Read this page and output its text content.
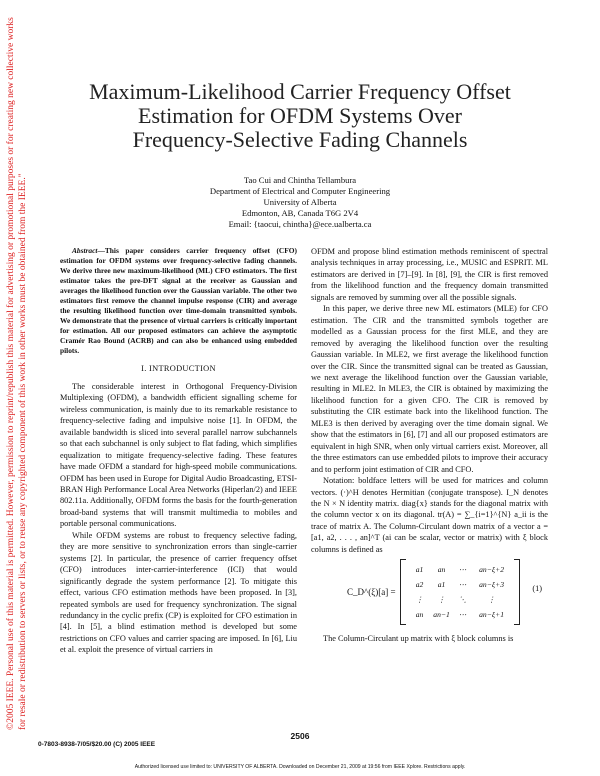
©2005 IEEE. Personal use of this material is permitted. However, permission to reprint/republish this material for advertising or promotional purposes or for creating new collective works for resale or redistribution to servers or lists, or to reuse any copyrighted component of this work in other works must be obtained from the IEEE."
Maximum-Likelihood Carrier Frequency Offset
Estimation for OFDM Systems Over
Frequency-Selective Fading Channels
Tao Cui and Chintha Tellambura
Department of Electrical and Computer Engineering
University of Alberta
Edmonton, AB, Canada T6G 2V4
Email: {taocui, chintha}@ece.ualberta.ca

Abstract—This paper considers carrier frequency offset (CFO) estimation for OFDM systems over frequency-selective fading channels. We derive three new maximum-likelihood (ML) CFO estimators. The first estimator takes the pre-DFT signal at the receiver as Gaussian and averages the likelihood function over the Gaussian variable. The other two estimators first remove the channel impulse response (CIR) and average the resulting likelihood function over time-domain transmitted symbols. We demonstrate that the presence of virtual carriers is critically important for estimation. All our proposed estimators can achieve the asymptotic Cramér Rao Bound (ACRB) and can also be enhanced using embedded pilots.

I. INTRODUCTION

The considerable interest in Orthogonal Frequency-Division Multiplexing (OFDM), a bandwidth efficient signalling scheme for wireless communication, is mainly due to its remarkable resistance to frequency-selective fading and impulsive noise [1]. In OFDM, the available bandwidth is sliced into several parallel narrow subchannels so that each subchannel is only subject to flat fading, which simplifies equalization to mitigate frequency-selective fading. These features have made OFDM a standard for high-speed mobile communications. OFDM has been used in Europe for Digital Audio Broadcasting, ETSI-BRAN High Performance Local Area Networks (Hiperlan/2) and IEEE 802.11a. Additionally, OFDM forms the basis for the fourth-generation broad-band systems that will transmit multimedia to mobiles and portable personal communications.

While OFDM systems are robust to frequency selective fading, they are more sensitive to synchronization errors than single-carrier systems [2]. In particular, the presence of carrier frequency offset (CFO) introduces inter-carrier-interference (ICI) that would significantly degrade the system performance [2]. To mitigate this effect, various CFO estimation methods have been proposed. In [3], repeated symbols are used for frequency synchronization. The signal redundancy in the cyclic prefix (CP) is exploited for CFO estimation in [4]. In [5], a blind estimation method is developed but some restrictions on CFO values and carrier spacing are imposed. In [6], Liu et al. exploit the presence of virtual carriers in

OFDM and propose blind estimation methods reminiscent of spectral analysis techniques in array processing, i.e., MUSIC and ESPRIT. ML estimators are derived in [7]–[9]. In [8], [9], the CIR is first removed from the likelihood function and the frequency domain transmitted signals are removed by summing over all the possible signals.

In this paper, we derive three new ML estimators (MLE) for CFO estimation. The CIR and the transmitted symbols together are modelled as a Gaussian process for the first MLE, and they are removed by averaging the likelihood function over the resulting Gaussian variable. In MLE2, we first average the likelihood function over the CIR. Since the transmitted signal can be treated as Gaussian, we next average the likelihood function over the Gaussian variable, resulting in MLE2. In MLE3, the CIR is obtained by maximizing the likelihood function for a given CFO. The CIR is removed by substituting the CIR estimate back into the likelihood function. The MLE3 is then derived by averaging over the time domain signal. We show that the estimators in [6], [7] and all our proposed estimators are equivalent in high SNR, when only virtual carriers exist. Moreover, all the three estimators can use embedded pilots to improve their accuracy and to perform joint estimation of CIR and CFO.

Notation: boldface letters will be used for matrices and column vectors. (·)^H denotes Hermitian (conjugate transpose). I_N denotes the N × N identity matrix. diag{x} stands for the diagonal matrix with the column vector x on its diagonal. tr(A) = ∑_{i=1}^{N} a_ii is the trace of matrix A. The Column-Circulant down matrix of a vector a = [a1, a2, . . . , an]^T (ai can be scalar, vector or matrix) with ξ block columns is defined as

C_D^(ξ)[a] =
a1	an	⋯	an−ξ+2
a2	a1	⋯	an−ξ+3
⋮	⋮	⋱	⋮
an	an−1	⋯	an−ξ+1
(1)

The Column-Circulant up matrix with ξ block columns is

2506
0-7803-8938-7/05/$20.00 (C) 2005 IEEE
Authorized licensed use limited to: UNIVERSITY OF ALBERTA. Downloaded on December 21, 2009 at 19:56 from IEEE Xplore. Restrictions apply.
